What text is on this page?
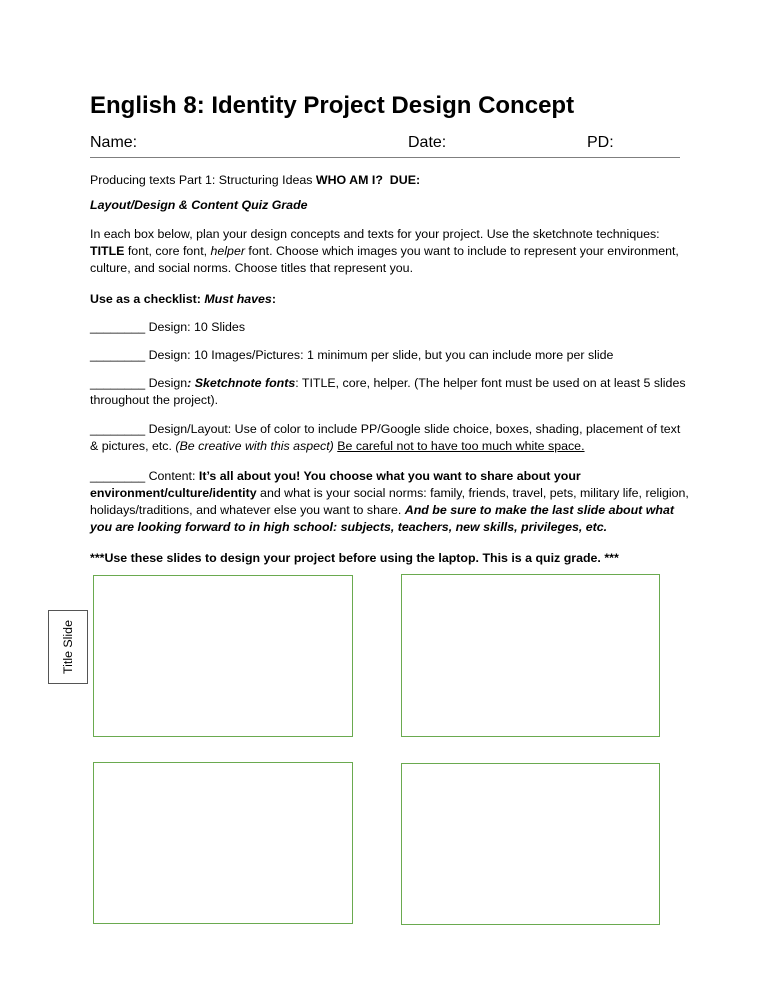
English 8: Identity Project Design Concept
Name:	Date:	PD:

Producing texts Part 1: Structuring Ideas WHO AM I? DUE:

Layout/Design & Content Quiz Grade

In each box below, plan your design concepts and texts for your project. Use the sketchnote techniques: TITLE font, core font, helper font. Choose which images you want to include to represent your environment, culture, and social norms. Choose titles that represent you.

Use as a checklist: Must haves:

________ Design: 10 Slides

________ Design: 10 Images/Pictures: 1 minimum per slide, but you can include more per slide

________ Design: Sketchnote fonts: TITLE, core, helper. (The helper font must be used on at least 5 slides throughout the project).

________ Design/Layout: Use of color to include PP/Google slide choice, boxes, shading, placement of text & pictures, etc. (Be creative with this aspect) Be careful not to have too much white space.

________ Content: It’s all about you! You choose what you want to share about your environment/culture/identity and what is your social norms: family, friends, travel, pets, military life, religion, holidays/traditions, and whatever else you want to share. And be sure to make the last slide about what you are looking forward to in high school: subjects, teachers, new skills, privileges, etc.

***Use these slides to design your project before using the laptop. This is a quiz grade. ***

Title Slide
